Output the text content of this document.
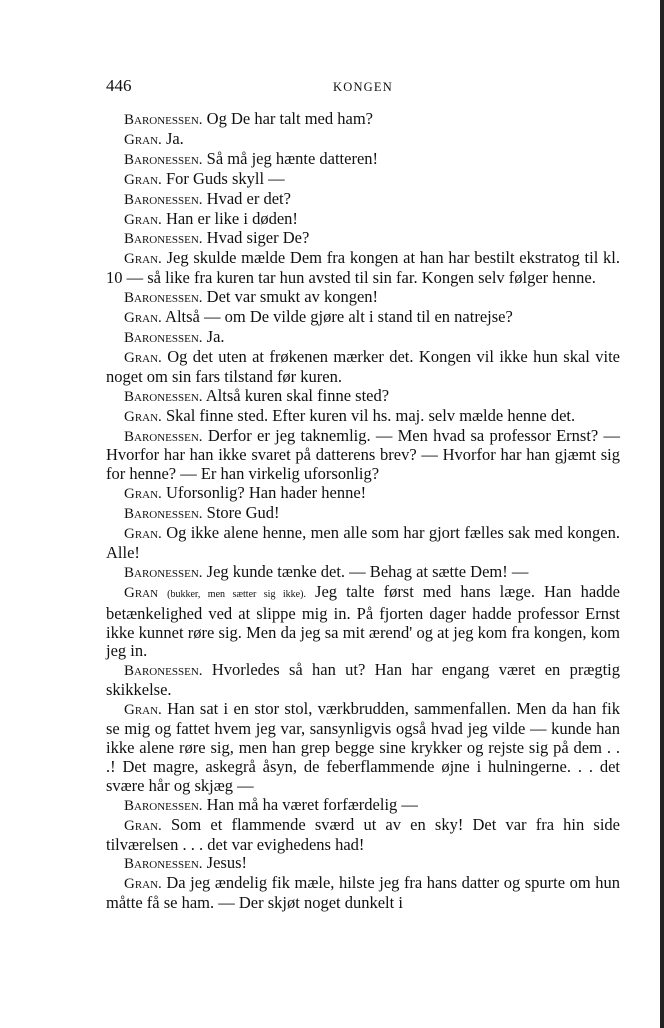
446	KONGEN

Baronessen. Og De har talt med ham?

Gran. Ja.

Baronessen. Så må jeg hænte datteren!

Gran. For Guds skyll —

Baronessen. Hvad er det?

Gran. Han er like i døden!

Baronessen. Hvad siger De?

Gran. Jeg skulde mælde Dem fra kongen at han har bestilt ekstratog til kl. 10 — så like fra kuren tar hun avsted til sin far. Kongen selv følger henne.

Baronessen. Det var smukt av kongen!

Gran. Altså — om De vilde gjøre alt i stand til en natrejse?

Baronessen. Ja.

Gran. Og det uten at frøkenen mærker det. Kongen vil ikke hun skal vite noget om sin fars tilstand før kuren.

Baronessen. Altså kuren skal finne sted?

Gran. Skal finne sted. Efter kuren vil hs. maj. selv mælde henne det.

Baronessen. Derfor er jeg taknemlig. — Men hvad sa professor Ernst? — Hvorfor har han ikke svaret på datterens brev? — Hvorfor har han gjæmt sig for henne? — Er han virkelig uforsonlig?

Gran. Uforsonlig? Han hader henne!

Baronessen. Store Gud!

Gran. Og ikke alene henne, men alle som har gjort fælles sak med kongen. Alle!

Baronessen. Jeg kunde tænke det. — Behag at sætte Dem! —

Gran (bukker, men sætter sig ikke). Jeg talte først med hans læge. Han hadde betænkelighed ved at slippe mig in. På fjorten dager hadde professor Ernst ikke kunnet røre sig. Men da jeg sa mit ærend' og at jeg kom fra kongen, kom jeg in.

Baronessen. Hvorledes så han ut? Han har engang været en prægtig skikkelse.

Gran. Han sat i en stor stol, værkbrudden, sammenfallen. Men da han fik se mig og fattet hvem jeg var, sansynligvis også hvad jeg vilde — kunde han ikke alene røre sig, men han grep begge sine krykker og rejste sig på dem . . .! Det magre, askegrå åsyn, de feberflammende øjne i hulningerne. . . det svære hår og skjæg —

Baronessen. Han må ha været forfærdelig —

Gran. Som et flammende sværd ut av en sky! Det var fra hin side tilværelsen . . . det var evighedens had!

Baronessen. Jesus!

Gran. Da jeg ændelig fik mæle, hilste jeg fra hans datter og spurte om hun måtte få se ham. — Der skjøt noget dunkelt i
